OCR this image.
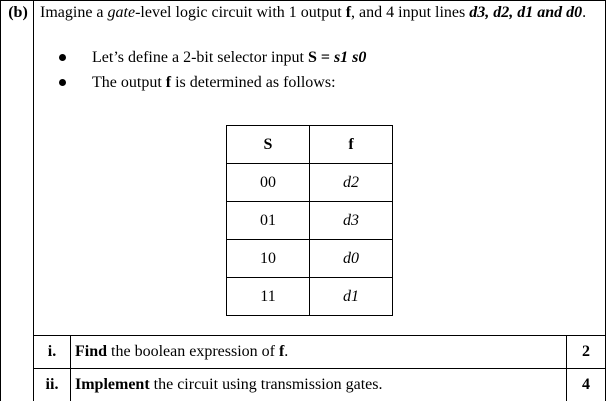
(b) Imagine a gate-level logic circuit with 1 output f, and 4 input lines d3, d2, d1 and d0.
Let’s define a 2-bit selector input S = s1 s0
The output f is determined as follows:
S	f
00	d2
01	d3
10	d0
11	d1
i.	Find the boolean expression of f.	2
ii.	Implement the circuit using transmission gates.	4
